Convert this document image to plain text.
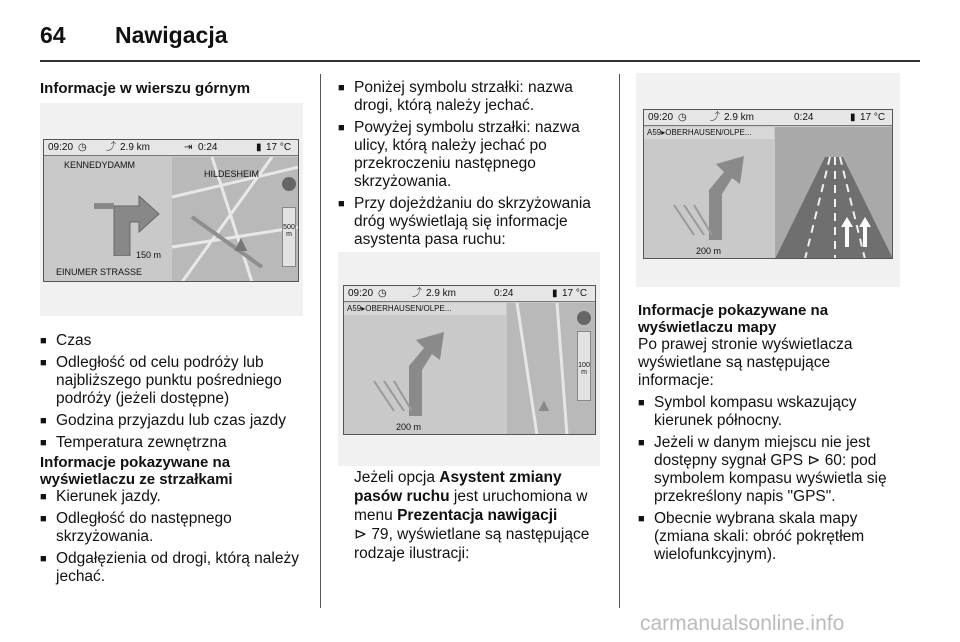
64 Nawigacja
Informacje w wierszu górnym
09:20 ◷ ⤴ 2.9 km	⇥ 0:24	▮ 17 °C
KENNEDYDAMM
150 m
EINUMER STRASSE
HILDESHEIM
500 m
▲
■ Czas
■ Odległość od celu podróży lub najbliższego punktu pośredniego podróży (jeżeli dostępne)
■ Godzina przyjazdu lub czas jazdy
■ Temperatura zewnętrzna
Informacje pokazywane na wyświetlaczu ze strzałkami
■ Kierunek jazdy.
■ Odległość do następnego skrzyżowania.
■ Odgałęzienia od drogi, którą należy jechać.
■ Poniżej symbolu strzałki: nazwa drogi, którą należy jechać.
■ Powyżej symbolu strzałki: nazwa ulicy, którą należy jechać po przekroczeniu następnego skrzyżowania.
■ Przy dojeżdżaniu do skrzyżowania dróg wyświetlają się informacje asystenta pasa ruchu:
09:20 ◷	⤴ 2.9 km	0:24	▮ 17 °C
A59▸OBERHAUSEN/OLPE...
200 m
100 m
▲
Jeżeli opcja Asystent zmiany pasów ruchu jest uruchomiona w menu Prezentacja nawigacji
⊳ 79, wyświetlane są następujące rodzaje ilustracji:
09:20 ◷ ⤴ 2.9 km	0:24	▮ 17 °C
A59▸OBERHAUSEN/OLPE...
200 m
Informacje pokazywane na wyświetlaczu mapy
Po prawej stronie wyświetlacza wyświetlane są następujące informacje:
■ Symbol kompasu wskazujący kierunek północny.
■ Jeżeli w danym miejscu nie jest dostępny sygnał GPS ⊳ 60: pod symbolem kompasu wyświetla się przekreślony napis "GPS".
■ Obecnie wybrana skala mapy (zmiana skali: obróć pokrętłem wielofunkcyjnym).
carmanualsonline.info
